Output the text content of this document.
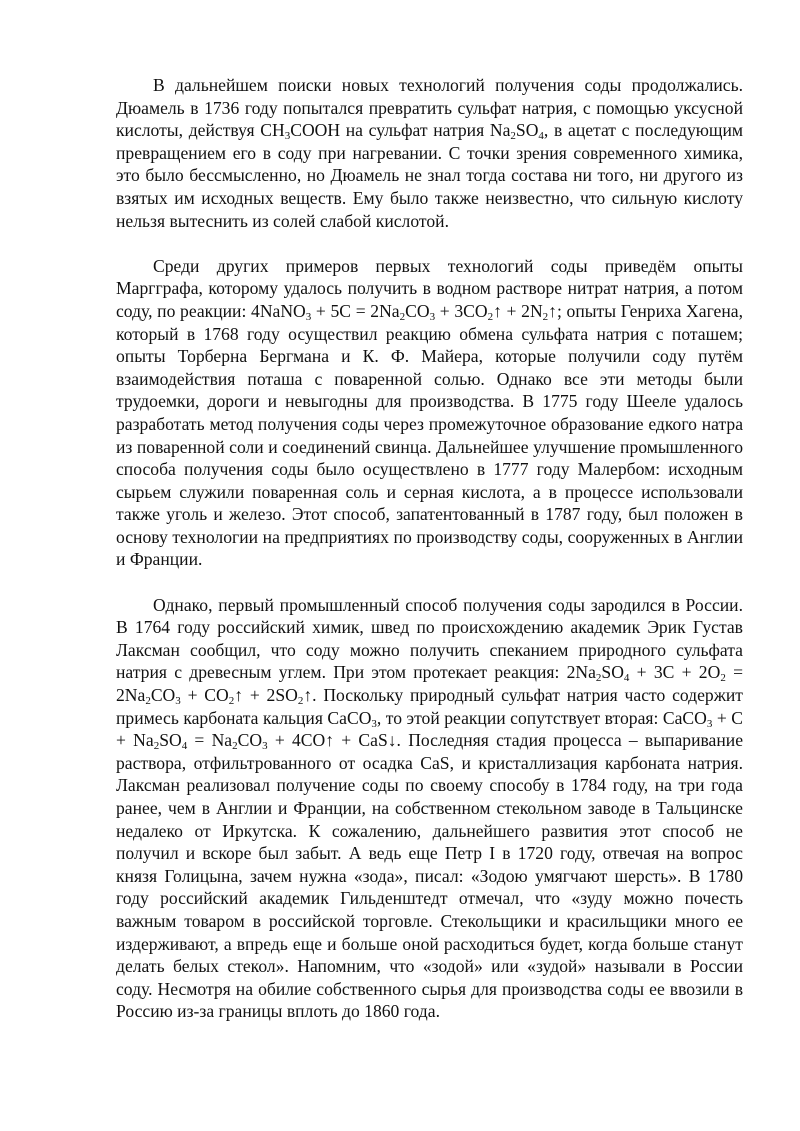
В дальнейшем поиски новых технологий получения соды продолжались. Дюамель в 1736 году попытался превратить сульфат натрия, с помощью уксусной кислоты, действуя $CH_3COOH$ на сульфат натрия $Na_2SO_4$, в ацетат с последующим превращением его в соду при нагревании. С точки зрения современного химика, это было бессмысленно, но Дюамель не знал тогда состава ни того, ни другого из взятых им исходных веществ. Ему было также неизвестно, что сильную кислоту нельзя вытеснить из солей слабой кислотой.

Среди других примеров первых технологий соды приведём опыты Маргграфа, которому удалось получить в водном растворе нитрат натрия, а потом соду, по реакции: 4NaNO$_3$ + $5C = 2Na_2CO_3$ + $3CO_2↑$ + $2N_2↑$; опыты Генриха Хагена, который в 1768 году осуществил реакцию обмена сульфата натрия с поташем; опыты Торберна Бергмана и К. Ф. Майера, которые получили соду путём взаимодействия поташа с поваренной солью. Однако все эти методы были трудоемки, дороги и невыгодны для производства. В 1775 году Шееле удалось разработать метод получения соды через промежуточное образование едкого натра из поваренной соли и соединений свинца. Дальнейшее улучшение промышленного способа получения соды было осуществлено в 1777 году Малербом: исходным сырьем служили поваренная соль и серная кислота, а в процессе использовали также уголь и железо. Этот способ, запатентованный в 1787 году, был положен в основу технологии на предприятиях по производству соды, сооруженных в Англии и Франции.

Однако, первый промышленный способ получения соды зародился в России. В 1764 году российский химик, швед по происхождению академик Эрик Густав Лаксман сообщил, что соду можно получить спеканием природного сульфата натрия с древесным углем. При этом протекает реакция: $2Na_2SO_4 + 3C + 2O_2 = 2Na_2CO_3$ + $CO_2↑$ + $2SO_2↑$. Поскольку природный сульфат натрия часто содержит примесь карбоната кальция CaCO$_3$, то этой реакции сопутствует вторая: CaCO$_3$ + $C + Na_2SO_4 = Na_2CO_3$ + 4CO↑ + CaS↓. Последняя стадия процесса – выпаривание раствора, отфильтрованного от осадка CaS, и кристаллизация карбоната натрия. Лаксман реализовал получение соды по своему способу в 1784 году, на три года ранее, чем в Англии и Франции, на собственном стекольном заводе в Тальцинске недалеко от Иркутска. К сожалению, дальнейшего развития этот способ не получил и вскоре был забыт. А ведь еще Петр I в 1720 году, отвечая на вопрос князя Голицына, зачем нужна «зода», писал: «Зодою умягчают шерсть». В 1780 году российский академик Гильденштедт отмечал, что «зуду можно почесть важным товаром в российской торговле. Стекольщики и красильщики много ее издерживают, а впредь еще и больше оной расходиться будет, когда больше станут делать белых стекол». Напомним, что «зодой» или «зудой» называли в России соду. Несмотря на обилие собственного сырья для производства соды ее ввозили в Россию из-за границы вплоть до 1860 года.
